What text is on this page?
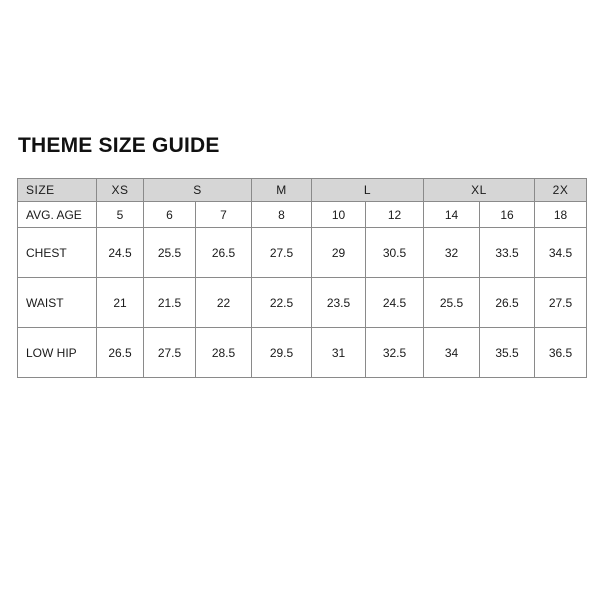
THEME SIZE GUIDE
SIZE	XS	S		M	L		XL		2X
AVG. AGE	5	6	7	8	10	12	14	16	18
CHEST	24.5	25.5	26.5	27.5	29	30.5	32	33.5	34.5
WAIST	21	21.5	22	22.5	23.5	24.5	25.5	26.5	27.5
LOW HIP	26.5	27.5	28.5	29.5	31	32.5	34	35.5	36.5
